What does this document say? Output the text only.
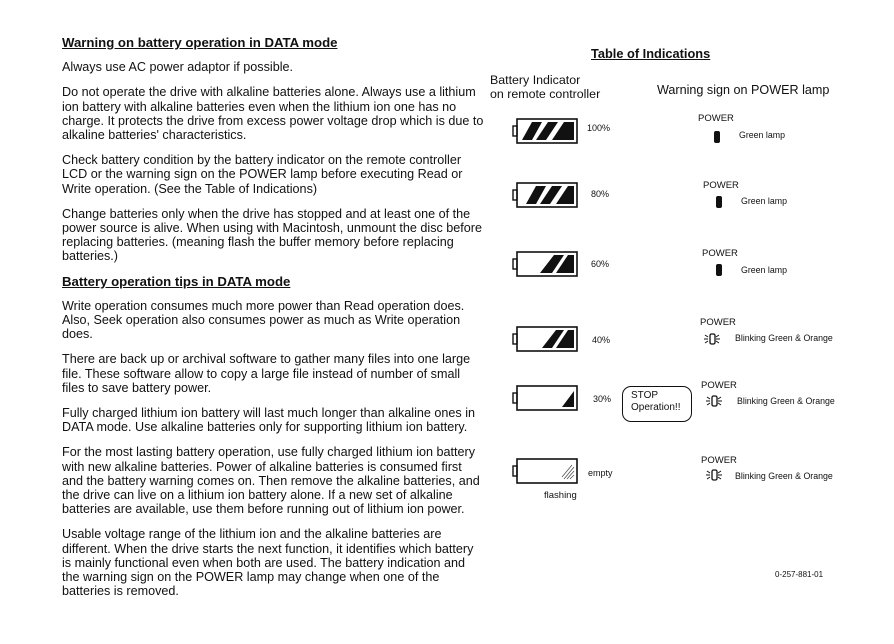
Warning on battery operation in DATA mode

Always use AC power adaptor if possible.

Do not operate the drive with alkaline batteries alone. Always use a lithium ion battery with alkaline batteries even when the lithium ion one has no charge. It protects the drive from excess power voltage drop which is due to alkaline batteries' characteristics.

Check battery condition by the battery indicator on the remote controller LCD or the warning sign on the POWER lamp before executing Read or Write operation. (See the Table of Indications)

Change batteries only when the drive has stopped and at least one of the power source is alive. When using with Macintosh, unmount the disc before replacing batteries. (meaning flash the buffer memory before replacing batteries.)

Battery operation tips in DATA mode

Write operation consumes much more power than Read operation does. Also, Seek operation also consumes power as much as Write operation does.

There are back up or archival software to gather many files into one large file. These software allow to copy a large file instead of number of small files to save battery power.

Fully charged lithium ion battery will last much longer than alkaline ones in DATA mode. Use alkaline batteries only for supporting lithium ion battery.

For the most lasting battery operation, use fully charged lithium ion battery with new alkaline batteries. Power of alkaline batteries is consumed first and the battery warning comes on. Then remove the alkaline batteries, and the drive can live on a lithium ion battery alone. If a new set of alkaline batteries are available, use them before running out of lithium ion power.

Usable voltage range of the lithium ion and the alkaline batteries are different. When the drive starts the next function, it identifies which battery is mainly functional even when both are used. The battery indication and the warning sign on the POWER lamp may change when one of the batteries is removed.

Table of Indications
Battery Indicator
on remote controller	Warning sign on POWER lamp
100%
80%
60%
40%
30%
empty
flashing
STOP
Operation!!
POWER
Green lamp
POWER
Green lamp
POWER
Green lamp
POWER
Blinking Green & Orange
POWER
Blinking Green & Orange
POWER
Blinking Green & Orange
0-257-881-01
